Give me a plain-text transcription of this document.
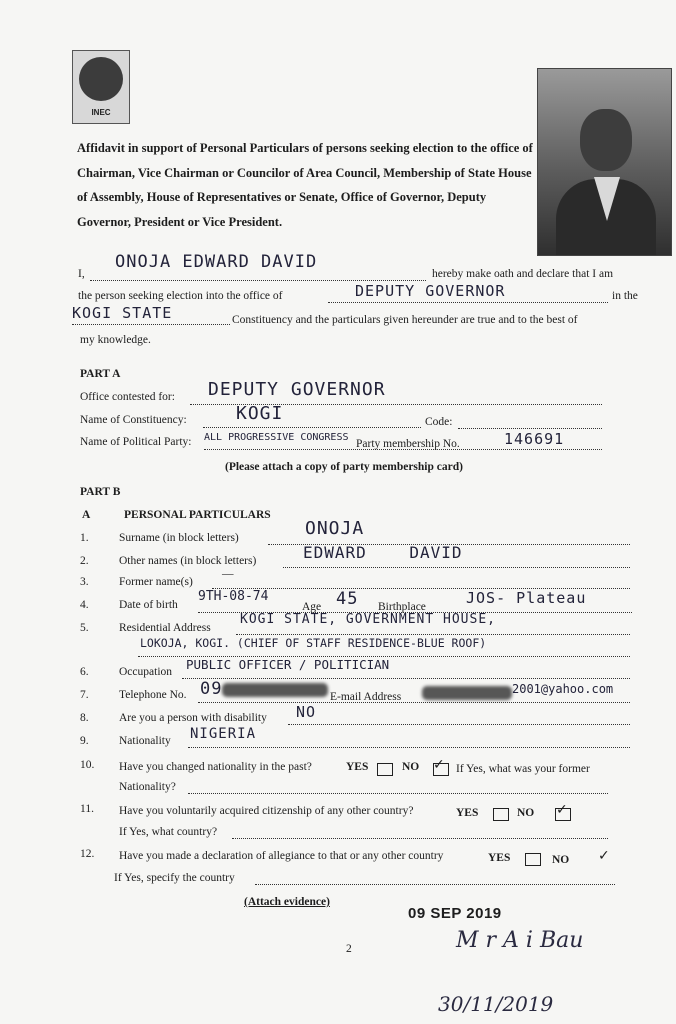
INEC
Affidavit in support of Personal Particulars of persons seeking election to the office of Chairman, Vice Chairman or Councilor of Area Council, Membership of State House of Assembly, House of Representatives or Senate, Office of Governor, Deputy Governor, President or Vice President.
I,
ONOJA EDWARD DAVID
hereby make oath and declare that I am
the person seeking election into the office of	DEPUTY GOVERNOR	in the
KOGI STATE	Constituency and the particulars given hereunder are true and to the best of
my knowledge.
PART A
Office contested for: DEPUTY GOVERNOR
Name of Constituency:	KOGI	Code:
Name of Political Party: ALL PROGRESSIVE CONGRESS
Party membership No.	146691
(Please attach a copy of party membership card)
PART B
A	PERSONAL PARTICULARS
1.	Surname (in block letters)	ONOJA
2.	Other names (in block letters)	EDWARD    DAVID
3.	Former name(s)
—
4.	Date of birth
9TH-08-74
Age 45 Birthplace	JOS- Plateau
5.	Residential Address
KOGI STATE, GOVERNMENT HOUSE,
LOKOJA, KOGI. (CHIEF OF STAFF RESIDENCE-BLUE ROOF)
6.	Occupation PUBLIC OFFICER / POLITICIAN
7.	Telephone No. 09	E-mail Address
2001@yahoo.com
8.	Are you a person with disability NO
9.	Nationality NIGERIA
10. Have you changed nationality in the past?	YES	NO ✓ If Yes, what was your former
Nationality?
11. Have you voluntarily acquired citizenship of any other country?	YES	NO ✓
If Yes, what country?
12. Have you made a declaration of allegiance to that or any other country	YES	NO ✓
If Yes, specify the country
(Attach evidence)
2
09 SEP 2019
M r A i Bau
30/11/2019
